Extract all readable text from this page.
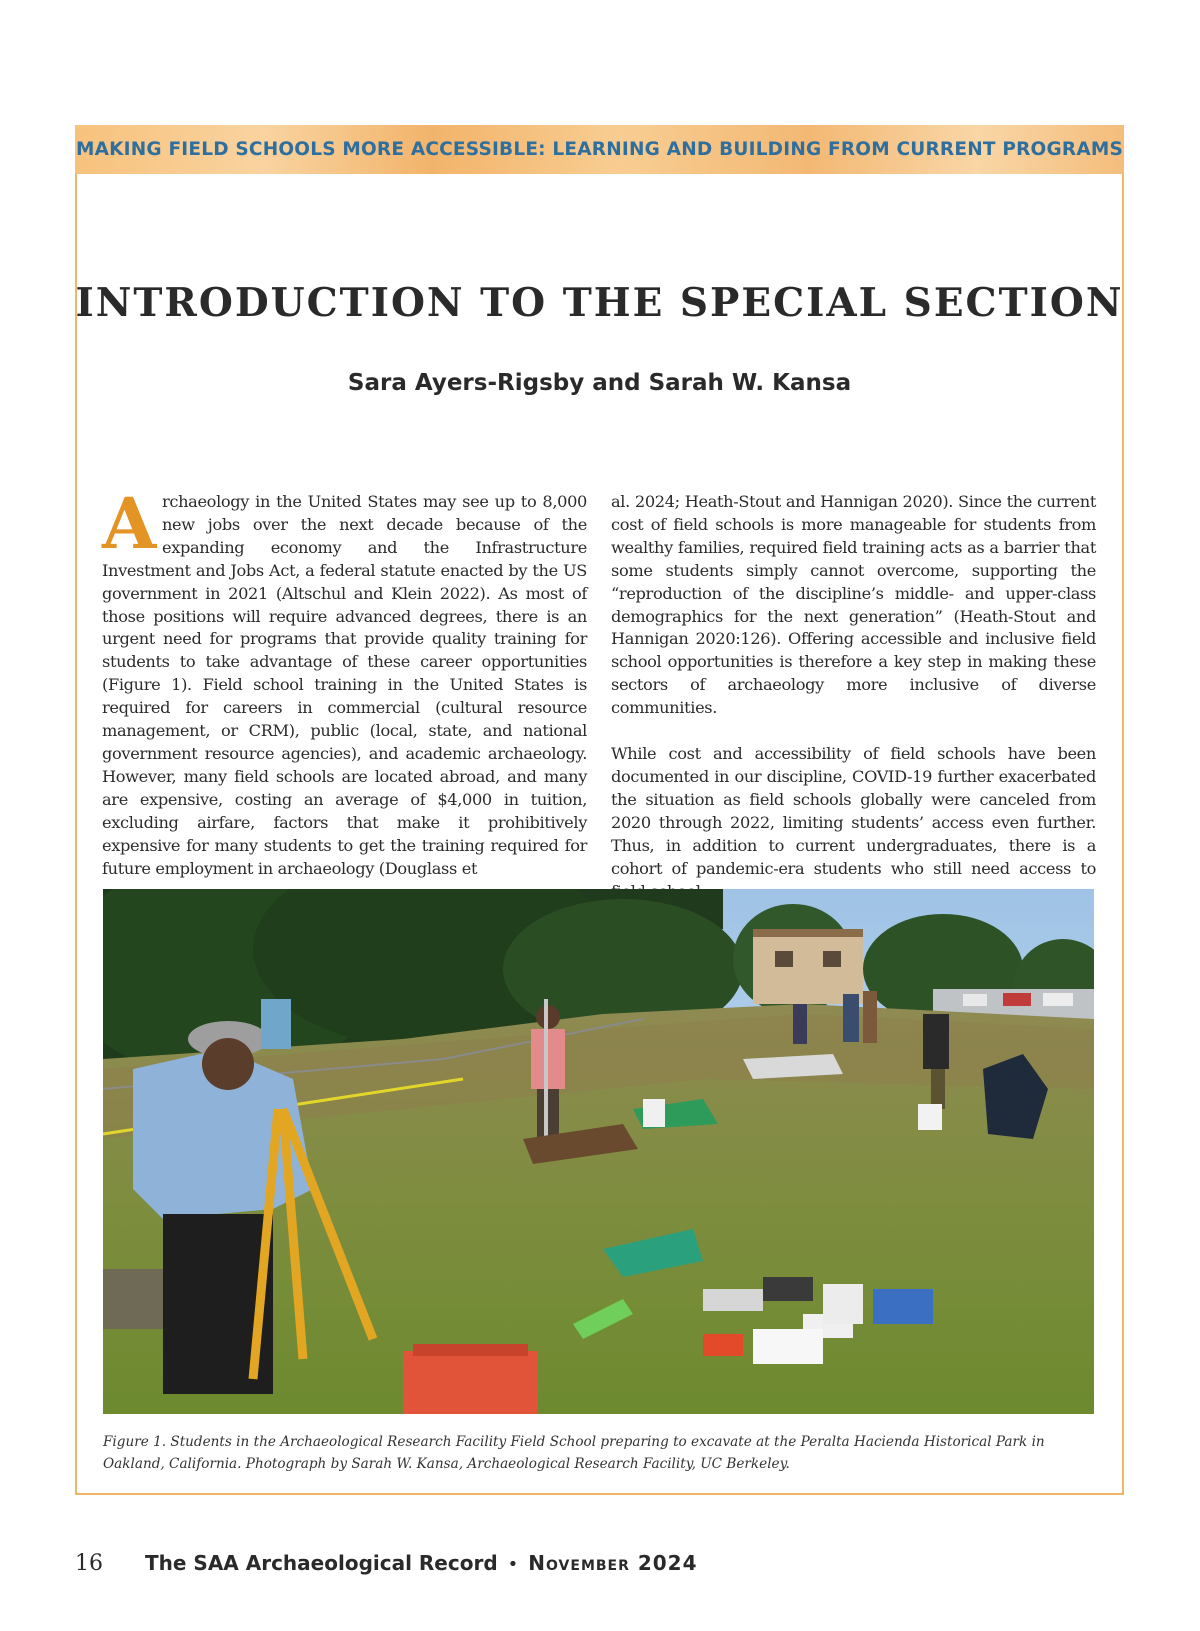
MAKING FIELD SCHOOLS MORE ACCESSIBLE: LEARNING AND BUILDING FROM CURRENT PROGRAMS
INTRODUCTION TO THE SPECIAL SECTION
Sara Ayers-Rigsby and Sarah W. Kansa
A rchaeology in the United States may see up to 8,000 new jobs over the next decade because of the expanding economy and the Infrastructure Investment and Jobs Act, a federal statute enacted by the US government in 2021 (Altschul and Klein 2022). As most of those positions will require advanced degrees, there is an urgent need for programs that provide quality training for students to take advantage of these career opportunities (Figure 1). Field school training in the United States is required for careers in commercial (cultural resource management, or CRM), public (local, state, and national government resource agencies), and academic archaeology. However, many field schools are located abroad, and many are expensive, costing an average of $4,000 in tuition, excluding airfare, factors that make it prohibitively expensive for many students to get the training required for future employment in archaeology (Douglass et

al. 2024; Heath-Stout and Hannigan 2020). Since the current cost of field schools is more manageable for students from wealthy families, required field training acts as a barrier that some students simply cannot overcome, supporting the “reproduction of the discipline’s middle- and upper-class demographics for the next generation” (Heath-Stout and Hannigan 2020:126). Offering accessible and inclusive field school opportunities is therefore a key step in making these sectors of archaeology more inclusive of diverse communities.

While cost and accessibility of field schools have been documented in our discipline, COVID-19 further exacerbated the situation as field schools globally were canceled from 2020 through 2022, limiting students’ access even further. Thus, in addition to current undergraduates, there is a cohort of pandemic-era students who still need access to

Figure 1. Students in the Archaeological Research Facility Field School preparing to excavate at the Peralta Hacienda Historical Park in Oakland, California. Photograph by Sarah W. Kansa, Archaeological Research Facility, UC Berkeley.
16 The SAA Archaeological Record • November 2024
